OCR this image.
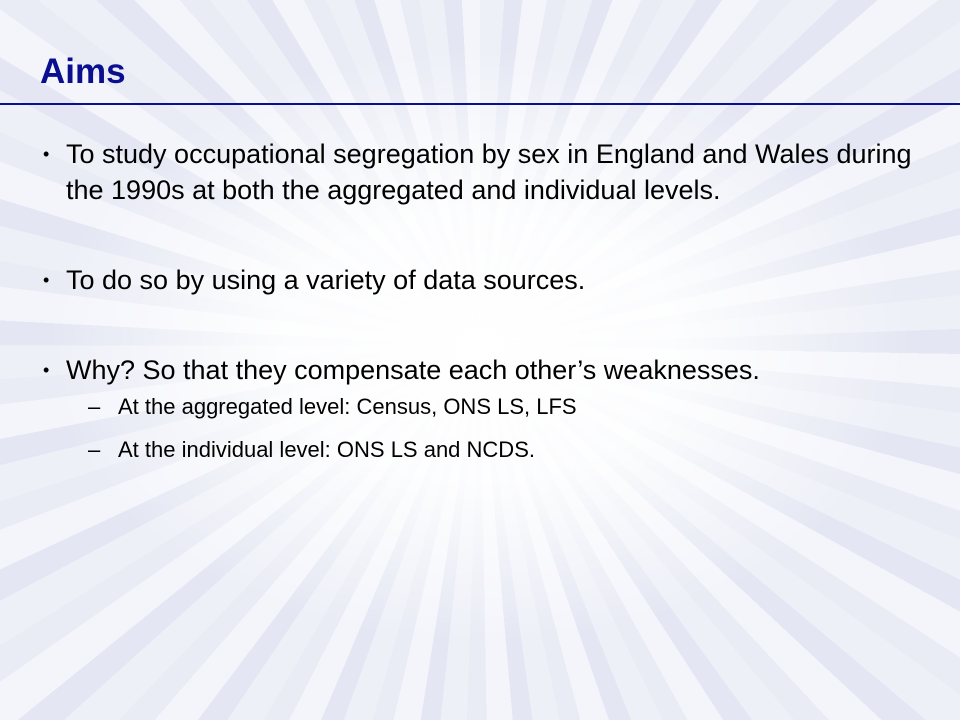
Aims
• To study occupational segregation by sex in England and Wales during the 1990s at both the aggregated and individual levels.
• To do so by using a variety of data sources.
• Why? So that they compensate each other’s weaknesses.
– At the aggregated level: Census, ONS LS, LFS
– At the individual level: ONS LS and NCDS.
